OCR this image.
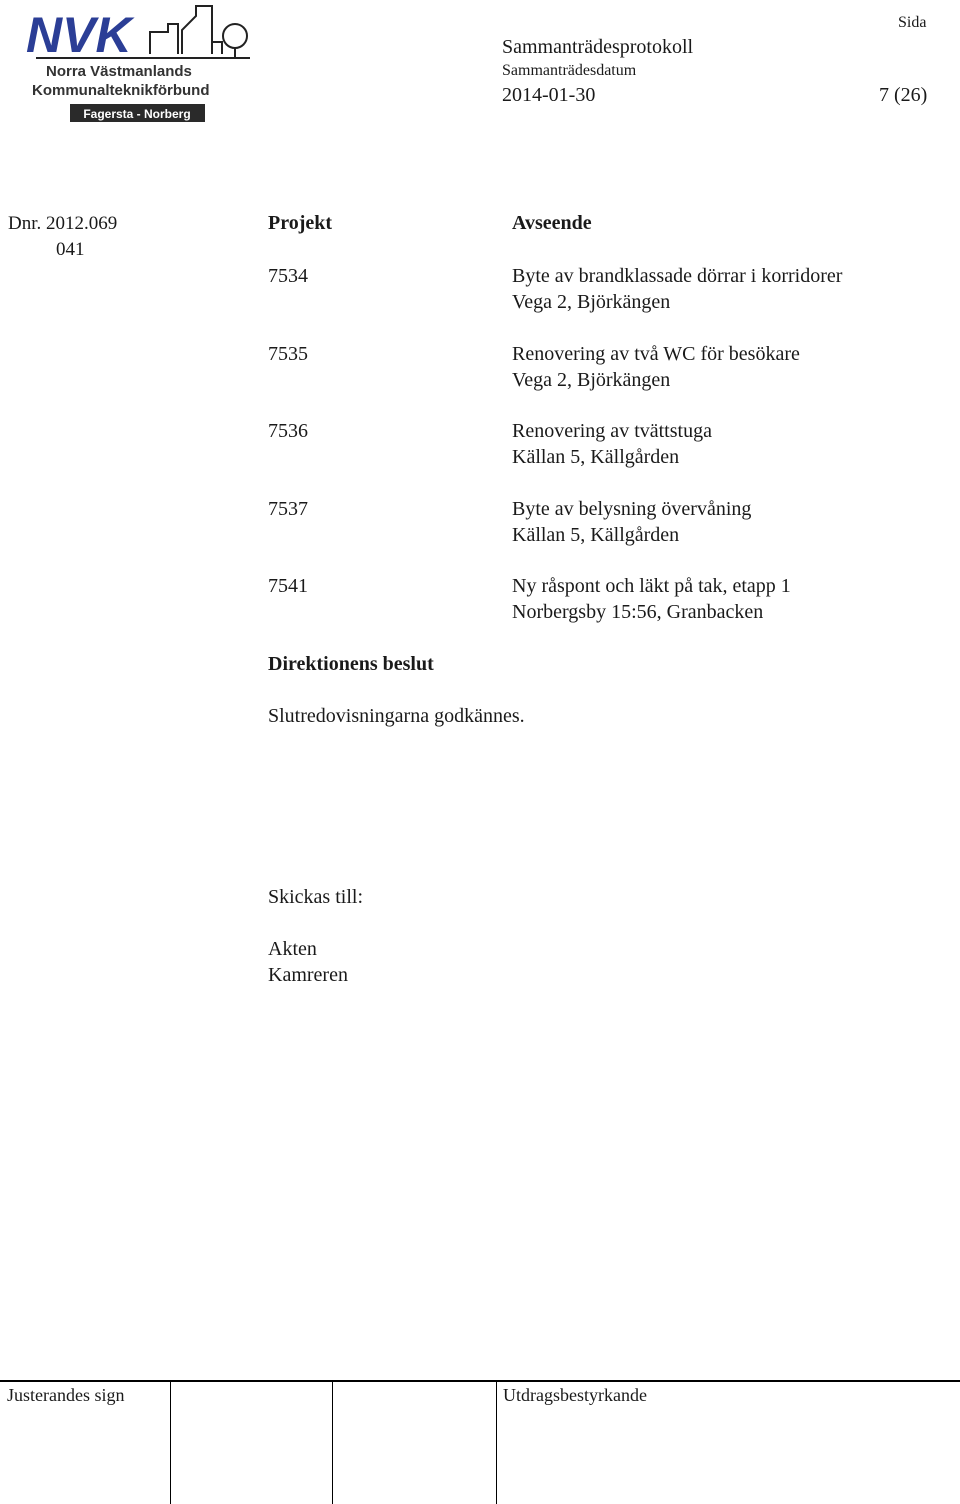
NVK
Norra Västmanlands
Kommunalteknikförbund
Fagersta - Norberg
Sida
Sammanträdesprotokoll
Sammanträdesdatum
2014-01-30	7 (26)
Dnr. 2012.069
041
Projekt	Avseende
7534	Byte av brandklassade dörrar i korridorer
Vega 2, Björkängen
7535	Renovering av två WC för besökare
Vega 2, Björkängen
7536	Renovering av tvättstuga
Källan 5, Källgården
7537	Byte av belysning övervåning
Källan 5, Källgården
7541	Ny råspont och läkt på tak, etapp 1
Norbergsby 15:56, Granbacken
Direktionens beslut
Slutredovisningarna godkännes.
Skickas till:
Akten
Kamreren
Justerandes sign	Utdragsbestyrkande
